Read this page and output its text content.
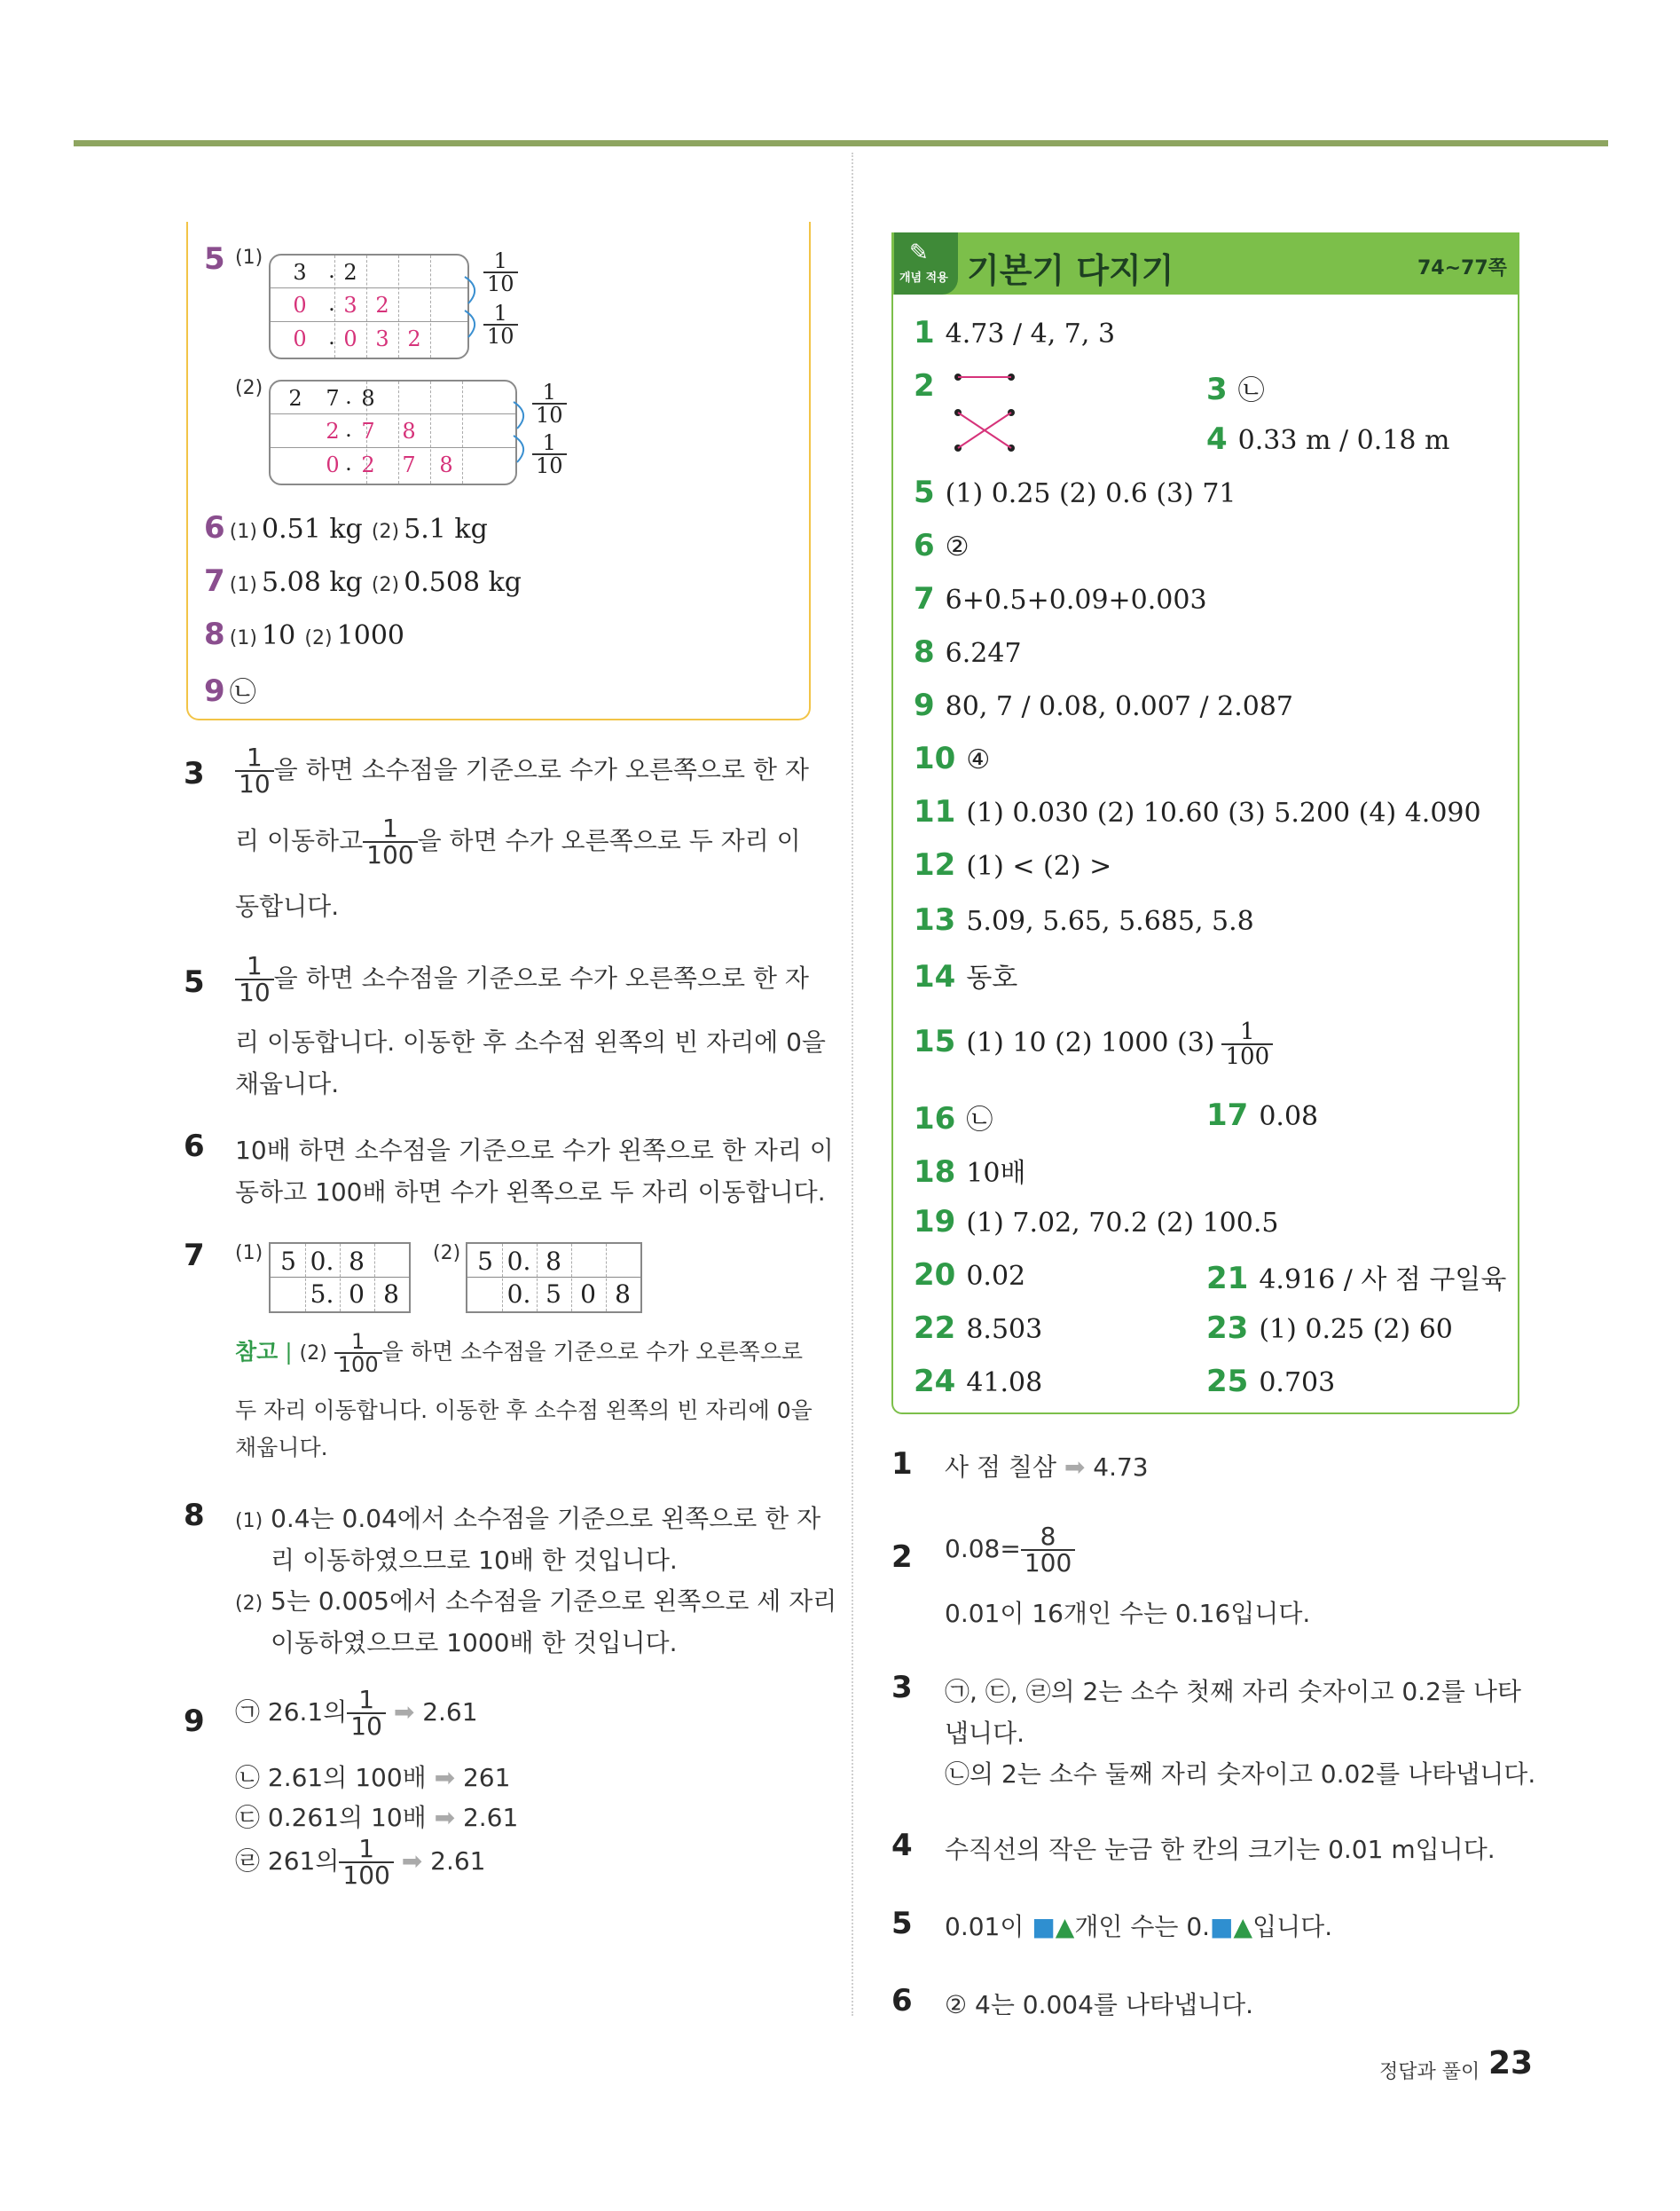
5 (1)
3	. 2
0	. 3 2
0	. 0 3 2
$\frac{1}{10}$
$\frac{1}{10}$
(2)	2	7 . 8
2 . 7	8
0 . 2	7	8
$\frac{1}{10}$
$\frac{1}{10}$
6 (1) 0.51 kg (2) 5.1 kg
7 (1) 5.08 kg (2) 0.508 kg
8 (1) 10 (2) 1000
9 ㉡
$3 \frac{1}{10}$ 을 하면 소수점을 기준으로 수가 오른쪽으로 한 자
리 이동하고 $\frac{1}{100}$ 을 하면 수가 오른쪽으로 두 자리 이
동합니다.
$5 \frac{1}{10}$ 을 하면 소수점을 기준으로 수가 오른쪽으로 한 자
리 이동합니다. 이동한 후 소수점 왼쪽의 빈 자리에 0을
채웁니다.
6 10배 하면 소수점을 기준으로 수가 왼쪽으로 한 자리 이
동하고 100배 하면 수가 왼쪽으로 두 자리 이동합니다.
7 (1) 5 0. 8
5. 0 8
(2) 5 0. 8
0. 5 0 8
참고 | $(2) \frac{1}{100}$ 을 하면 소수점을 기준으로 수가 오른쪽으로
두 자리 이동합니다. 이동한 후 소수점 왼쪽의 빈 자리에 0을
채웁니다.
8 (1) 0.4는 0.04에서 소수점을 기준으로 왼쪽으로 한 자
리 이동하였으므로 10배 한 것입니다.
(2) 5는 0.005에서 소수점을 기준으로 왼쪽으로 세 자리
이동하였으므로 1000배 한 것입니다.
9 ㉠ 26.1의 $\frac{1}{10}$ ➡ 2.61
㉡ 2.61의 100배 ➡ 261
㉢ 0.261의 10배 ➡ 2.61
㉣ 261의 $\frac{1}{100}$ ➡ 2.61
개념 적용
✎ 기본기 다지기	74~77쪽
1 4.73 / 4, 7, 3
2	3 ㉡
4 0.33 m / 0.18 m
5 (1) 0.25 (2) 0.6 (3) 71
6 ②
7 6+0.5+0.09+0.003
8 6.247
9 80, 7 / 0.08, 0.007 / 2.087
10 ④
11 (1) 0.030 (2) 10.60 (3) 5.200 (4) 4.090
12 (1) < (2) >
13 5.09, 5.65, 5.685, 5.8
14 동호
15 (1) 10 (2) 1000 $(3) \frac{1}{100}$
16 ㉡	17 0.08
18 10배
19 (1) 7.02, 70.2 (2) 100.5
20 0.02	21 4.916 / 사 점 구일육
22 8.503	23 (1) 0.25 (2) 60
24 41.08	25 0.703
1 사 점 칠삼 ➡ 4.73
2 $0.08= \frac{8}{100}$
0.01이 16개인 수는 0.16입니다.
3 ㉠, ㉢, ㉣의 2는 소수 첫째 자리 숫자이고 0.2를 나타
냅니다.
㉡의 2는 소수 둘째 자리 숫자이고 0.02를 나타냅니다.
4 수직선의 작은 눈금 한 칸의 크기는 0.01 m입니다.
5 0.01이 ■▲개인 수는 0.■▲입니다.
6 ② 4는 0.004를 나타냅니다.
정답과 풀이 23
